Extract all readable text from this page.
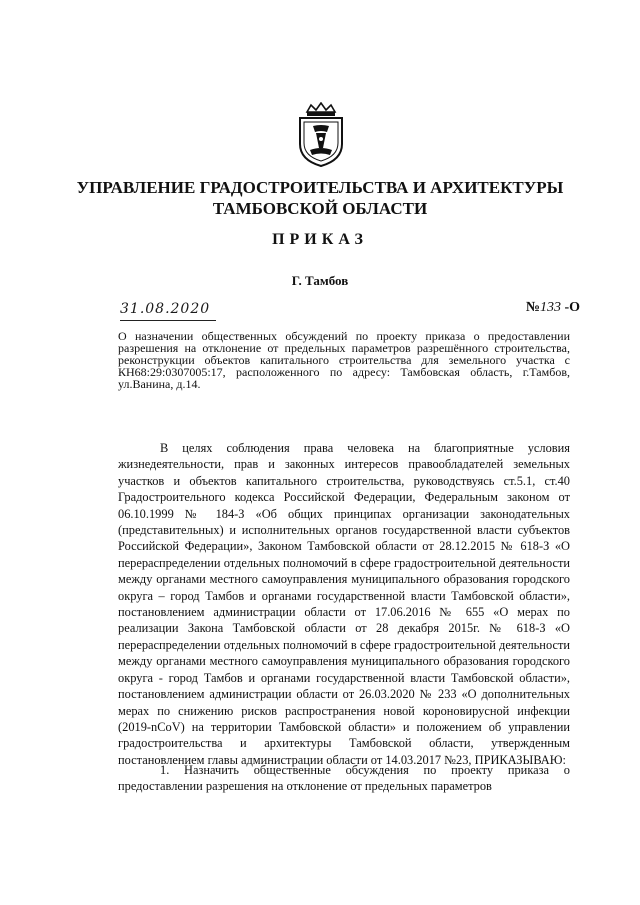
УПРАВЛЕНИЕ ГРАДОСТРОИТЕЛЬСТВА И АРХИТЕКТУРЫ
ТАМБОВСКОЙ ОБЛАСТИ
ПРИКАЗ
Г. Тамбов
31.08.2020	№133 -О
О назначении общественных обсуждений по проекту приказа о предоставлении разрешения на отклонение от предельных параметров разрешённого строительства, реконструкции объектов капитального строительства для земельного участка с КН68:29:0307005:17, расположенного по адресу: Тамбовская область, г.Тамбов, ул.Ванина, д.14.

В целях соблюдения права человека на благоприятные условия жизнедеятельности, прав и законных интересов правообладателей земельных участков и объектов капитального строительства, руководствуясь ст.5.1, ст.40 Градостроительного кодекса Российской Федерации, Федеральным законом от 06.10.1999 № 184-З «Об общих принципах организации законодательных (представительных) и исполнительных органов государственной власти субъектов Российской Федерации», Законом Тамбовской области от 28.12.2015 № 618-З «О перераспределении отдельных полномочий в сфере градостроительной деятельности между органами местного самоуправления муниципального образования городского округа – город Тамбов и органами государственной власти Тамбовской области», постановлением администрации области от 17.06.2016 № 655 «О мерах по реализации Закона Тамбовской области от 28 декабря 2015г. № 618-З «О перераспределении отдельных полномочий в сфере градостроительной деятельности между органами местного самоуправления муниципального образования городского округа - город Тамбов и органами государственной власти Тамбовской области», постановлением администрации области от 26.03.2020 № 233 «О дополнительных мерах по снижению рисков распространения новой короновирусной инфекции (2019-nCoV) на территории Тамбовской области» и положением об управлении градостроительства и архитектуры Тамбовской области, утвержденным постановлением главы администрации области от 14.03.2017 №23, ПРИКАЗЫВАЮ:

1. Назначить общественные обсуждения по проекту приказа о предоставлении разрешения на отклонение от предельных параметров
